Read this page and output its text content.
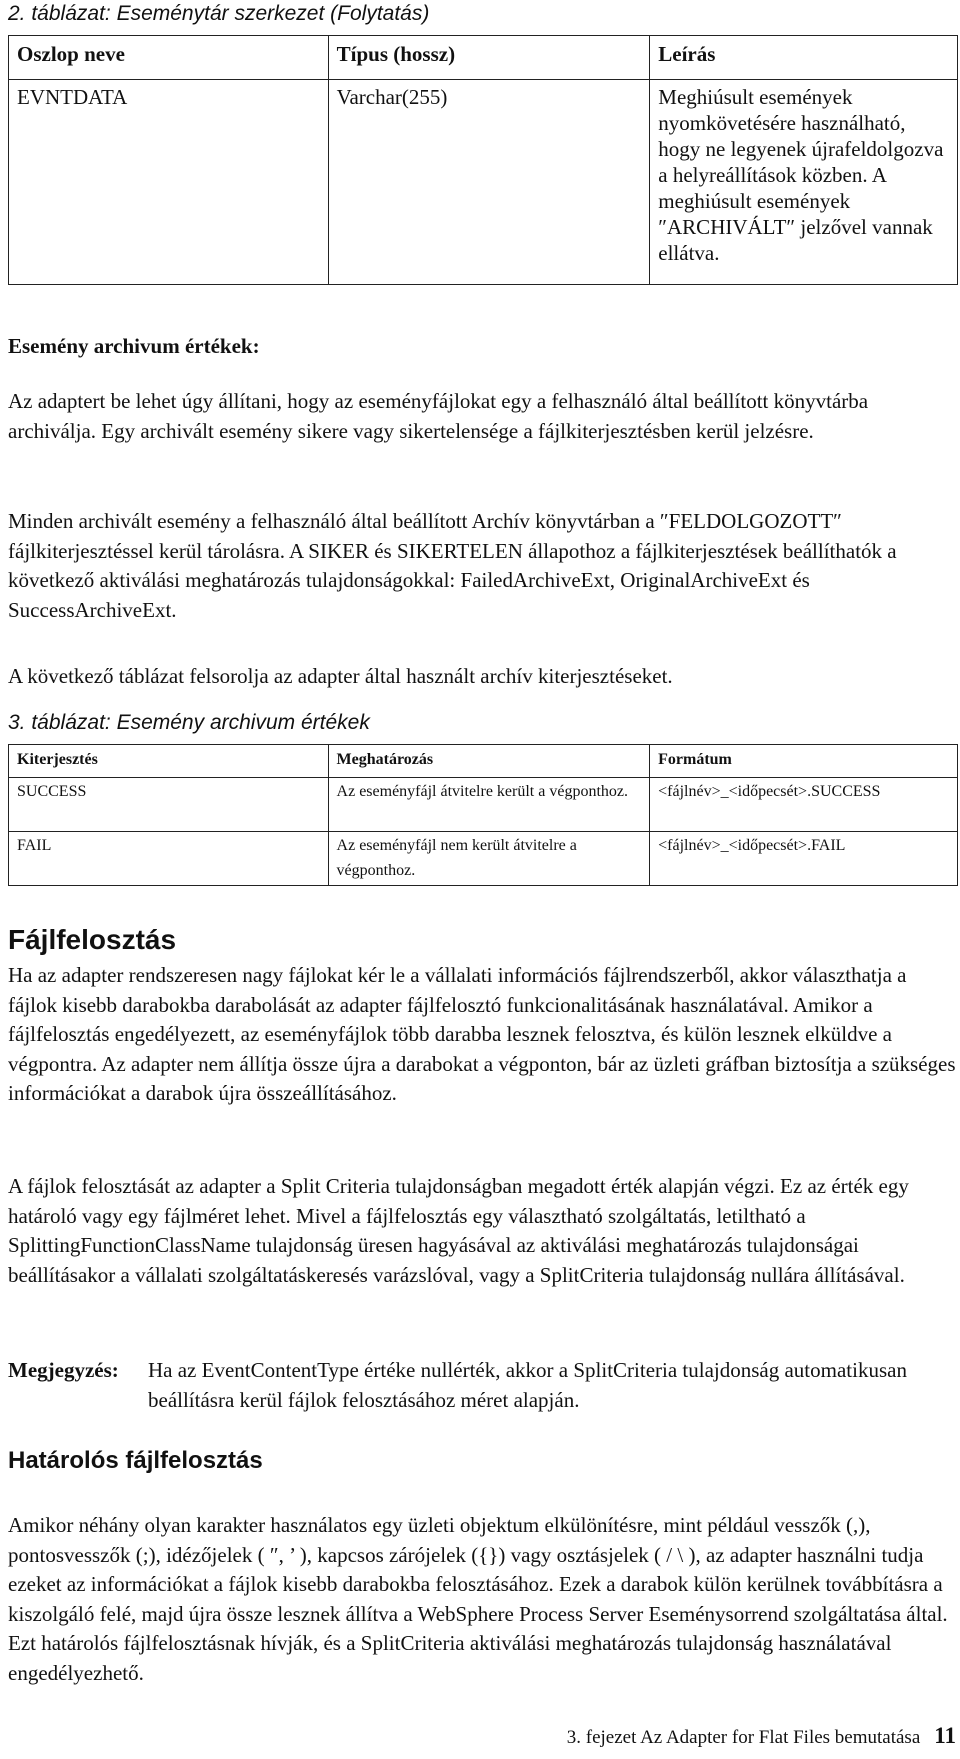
2. táblázat: Eseménytár szerkezet (Folytatás)

Oszlop neve	Típus (hossz)	Leírás
EVNTDATA	Varchar(255)	Meghiúsult események nyomkövetésére használható, hogy ne legyenek újrafeldolgozva a helyreállítások közben. A meghiúsult események ″ARCHIVÁLT″ jelzővel vannak ellátva.

Esemény archivum értékek:

Az adaptert be lehet úgy állítani, hogy az eseményfájlokat egy a felhasználó által beállított könyvtárba archiválja. Egy archivált esemény sikere vagy sikertelensége a fájlkiterjesztésben kerül jelzésre.

Minden archivált esemény a felhasználó által beállított Archív könyvtárban a ″FELDOLGOZOTT″ fájlkiterjesztéssel kerül tárolásra. A SIKER és SIKERTELEN állapothoz a fájlkiterjesztések beállíthatók a következő aktiválási meghatározás tulajdonságokkal: FailedArchiveExt, OriginalArchiveExt és SuccessArchiveExt.

A következő táblázat felsorolja az adapter által használt archív kiterjesztéseket.

3. táblázat: Esemény archivum értékek

Kiterjesztés	Meghatározás	Formátum
SUCCESS	Az eseményfájl átvitelre került a végponthoz.	<fájlnév>_<időpecsét>.SUCCESS
FAIL	Az eseményfájl nem került átvitelre a végponthoz.	<fájlnév>_<időpecsét>.FAIL
Fájlfelosztás

Ha az adapter rendszeresen nagy fájlokat kér le a vállalati információs fájlrendszerből, akkor választhatja a fájlok kisebb darabokba darabolását az adapter fájlfelosztó funkcionalitásának használatával. Amikor a fájlfelosztás engedélyezett, az eseményfájlok több darabba lesznek felosztva, és külön lesznek elküldve a végpontra. Az adapter nem állítja össze újra a darabokat a végponton, bár az üzleti gráfban biztosítja a szükséges információkat a darabok újra összeállításához.

A fájlok felosztását az adapter a Split Criteria tulajdonságban megadott érték alapján végzi. Ez az érték egy határoló vagy egy fájlméret lehet. Mivel a fájlfelosztás egy választható szolgáltatás, letiltható a SplittingFunctionClassName tulajdonság üresen hagyásával az aktiválási meghatározás tulajdonságai beállításakor a vállalati szolgáltatáskeresés varázslóval, vagy a SplitCriteria tulajdonság nullára állításával.

Megjegyzés: Ha az EventContentType értéke nullérték, akkor a SplitCriteria tulajdonság automatikusan beállításra kerül fájlok felosztásához méret alapján.
Határolós fájlfelosztás

Amikor néhány olyan karakter használatos egy üzleti objektum elkülönítésre, mint például vesszők (,), pontosvesszők (;), idézőjelek ( ″, ’ ), kapcsos zárójelek ({}) vagy osztásjelek ( / \ ), az adapter használni tudja ezeket az információkat a fájlok kisebb darabokba felosztásához. Ezek a darabok külön kerülnek továbbításra a kiszolgáló felé, majd újra össze lesznek állítva a WebSphere Process Server Eseménysorrend szolgáltatása által. Ezt határolós fájlfelosztásnak hívják, és a SplitCriteria aktiválási meghatározás tulajdonság használatával engedélyezhető.

3. fejezet Az Adapter for Flat Files bemutatása 11
